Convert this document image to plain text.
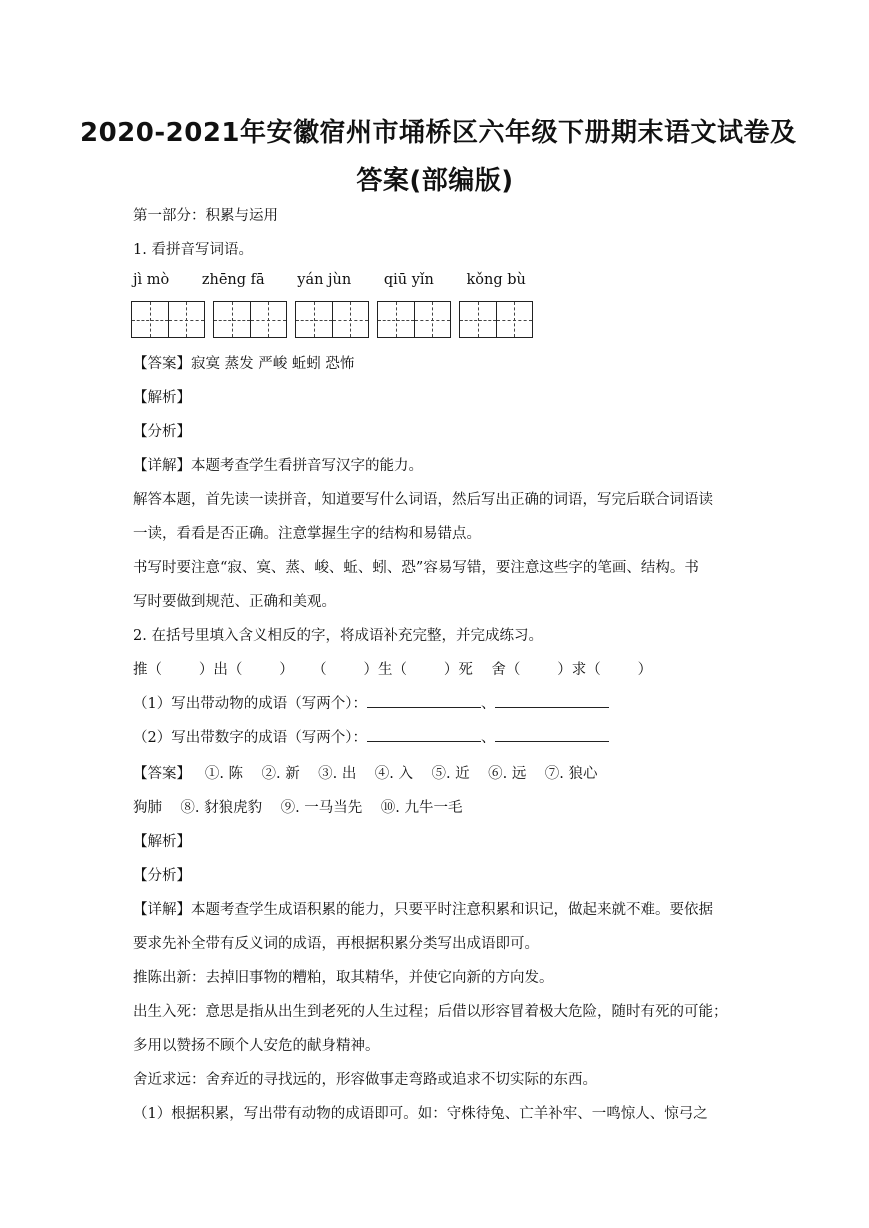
2020-2021年安徽宿州市埇桥区六年级下册期末语文试卷及
答案(部编版)
第一部分：积累与运用
1. 看拼音写词语。
jì mò zhēng fā yán jùn qiū yǐn kǒng bù
【答案】寂寞 蒸发 严峻 蚯蚓 恐怖
【解析】
【分析】
【详解】本题考查学生看拼音写汉字的能力。
解答本题，首先读一读拼音，知道要写什么词语，然后写出正确的词语，写完后联合词语读
一读，看看是否正确。注意掌握生字的结构和易错点。
书写时要注意“寂、寞、蒸、峻、蚯、蚓、恐”容易写错，要注意这些字的笔画、结构。书
写时要做到规范、正确和美观。
2. 在括号里填入含义相反的字，将成语补充完整，并完成练习。
推（        ）出（        ）    （        ）生（        ）死    舍（        ）求（        ）
（1）写出带动物的成语（写两个）：	、
（2）写出带数字的成语（写两个）：	、
【答案】   ①. 陈    ②. 新    ③. 出    ④. 入    ⑤. 近    ⑥. 远    ⑦. 狼心
狗肺    ⑧. 豺狼虎豹    ⑨. 一马当先    ⑩. 九牛一毛
【解析】
【分析】
【详解】本题考查学生成语积累的能力，只要平时注意积累和识记，做起来就不难。要依据
要求先补全带有反义词的成语，再根据积累分类写出成语即可。
推陈出新：去掉旧事物的糟粕，取其精华，并使它向新的方向发。
出生入死：意思是指从出生到老死的人生过程；后借以形容冒着极大危险，随时有死的可能；
多用以赞扬不顾个人安危的献身精神。
舍近求远：舍弃近的寻找远的，形容做事走弯路或追求不切实际的东西。
（1）根据积累，写出带有动物的成语即可。如：守株待兔、亡羊补牢、一鸣惊人、惊弓之
